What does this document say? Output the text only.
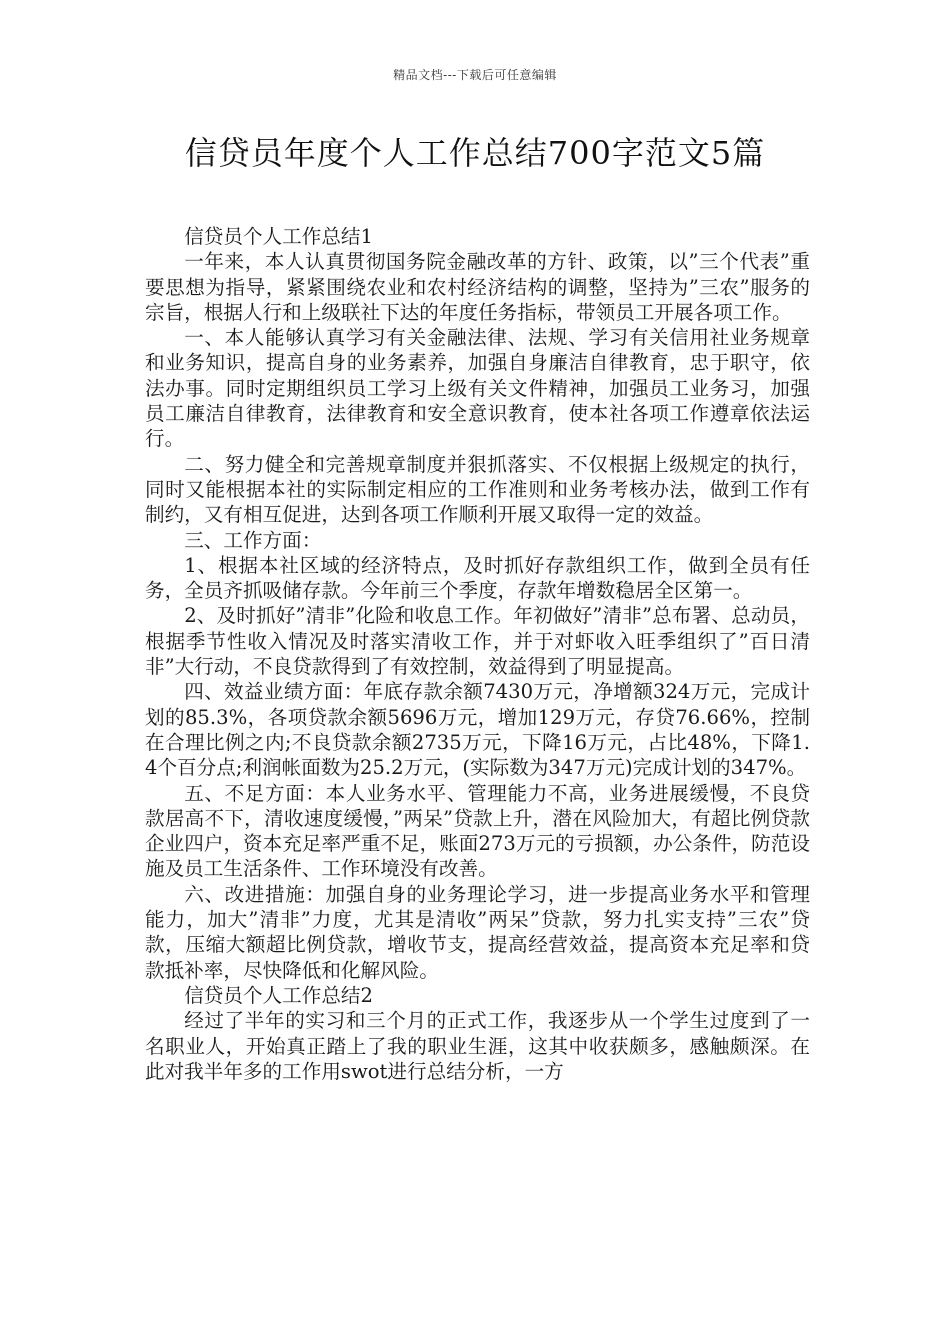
精品文档---下载后可任意编辑
信贷员年度个人工作总结700字范文5篇

信贷员个人工作总结1

一年来，本人认真贯彻国务院金融改革的方针、政策，以”三个代表”重要思想为指导，紧紧围绕农业和农村经济结构的调整，坚持为”三农”服务的宗旨，根据人行和上级联社下达的年度任务指标，带领员工开展各项工作。

一、本人能够认真学习有关金融法律、法规、学习有关信用社业务规章和业务知识，提高自身的业务素养，加强自身廉洁自律教育，忠于职守，依法办事。同时定期组织员工学习上级有关文件精神，加强员工业务习，加强员工廉洁自律教育，法律教育和安全意识教育，使本社各项工作遵章依法运行。

二、努力健全和完善规章制度并狠抓落实、不仅根据上级规定的执行，同时又能根据本社的实际制定相应的工作准则和业务考核办法，做到工作有制约，又有相互促进，达到各项工作顺利开展又取得一定的效益。

三、工作方面：

1、根据本社区域的经济特点，及时抓好存款组织工作，做到全员有任务，全员齐抓吸储存款。今年前三个季度，存款年增数稳居全区第一。

2、及时抓好”清非”化险和收息工作。年初做好”清非”总布署、总动员，根据季节性收入情况及时落实清收工作，并于对虾收入旺季组织了”百日清非”大行动，不良贷款得到了有效控制，效益得到了明显提高。

四、效益业绩方面：年底存款余额7430万元，净增额324万元，完成计划的85.3%，各项贷款余额5696万元，增加129万元，存贷76.66%，控制在合理比例之内;不良贷款余额2735万元，下降16万元，占比48%，下降1.4个百分点;利润帐面数为25.2万元，(实际数为347万元)完成计划的347%。

五、不足方面：本人业务水平、管理能力不高，业务进展缓慢，不良贷款居高不下，清收速度缓慢，”两呆”贷款上升，潜在风险加大，有超比例贷款企业四户，资本充足率严重不足，账面273万元的亏损额，办公条件，防范设施及员工生活条件、工作环境没有改善。

六、改进措施：加强自身的业务理论学习，进一步提高业务水平和管理能力，加大”清非”力度，尤其是清收”两呆”贷款，努力扎实支持”三农”贷款，压缩大额超比例贷款，增收节支，提高经营效益，提高资本充足率和贷款抵补率，尽快降低和化解风险。

信贷员个人工作总结2

经过了半年的实习和三个月的正式工作，我逐步从一个学生过度到了一名职业人，开始真正踏上了我的职业生涯，这其中收获颇多，感触颇深。在此对我半年多的工作用swot进行总结分析，一方
